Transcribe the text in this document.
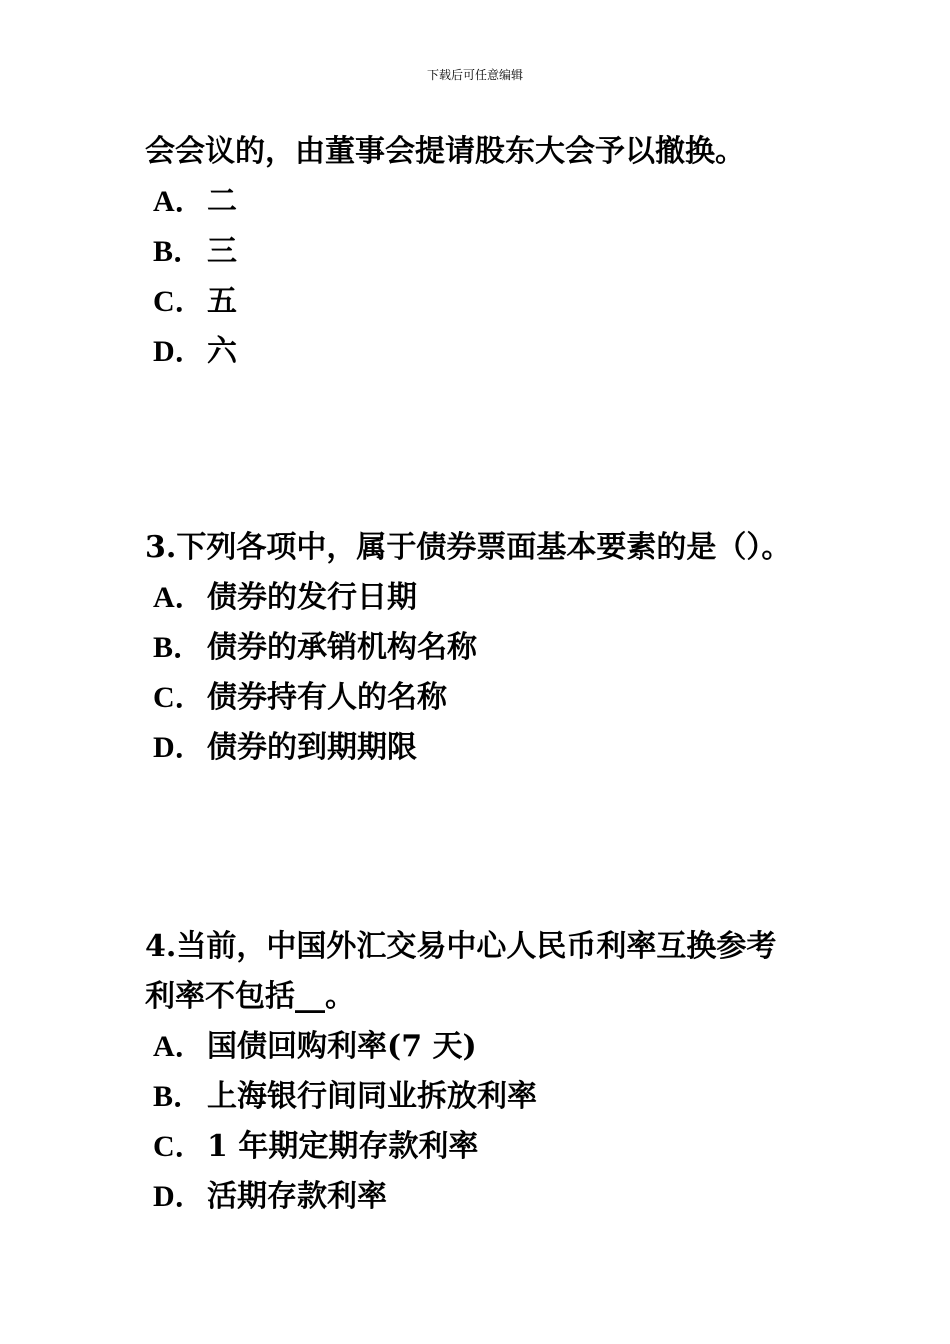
下载后可任意编辑
会会议的，由董事会提请股东大会予以撤换。
A．二
B． 三
C．五
D．六
3.下列各项中，属于债券票面基本要素的是（）。
A．债券的发行日期
B． 债券的承销机构名称
C．债券持有人的名称
D．债券的到期期限
4.当前，中国外汇交易中心人民币利率互换参考
利率不包括__。
A．国债回购利率(7 天)
B． 上海银行间同业拆放利率
C．1 年期定期存款利率
D．活期存款利率
